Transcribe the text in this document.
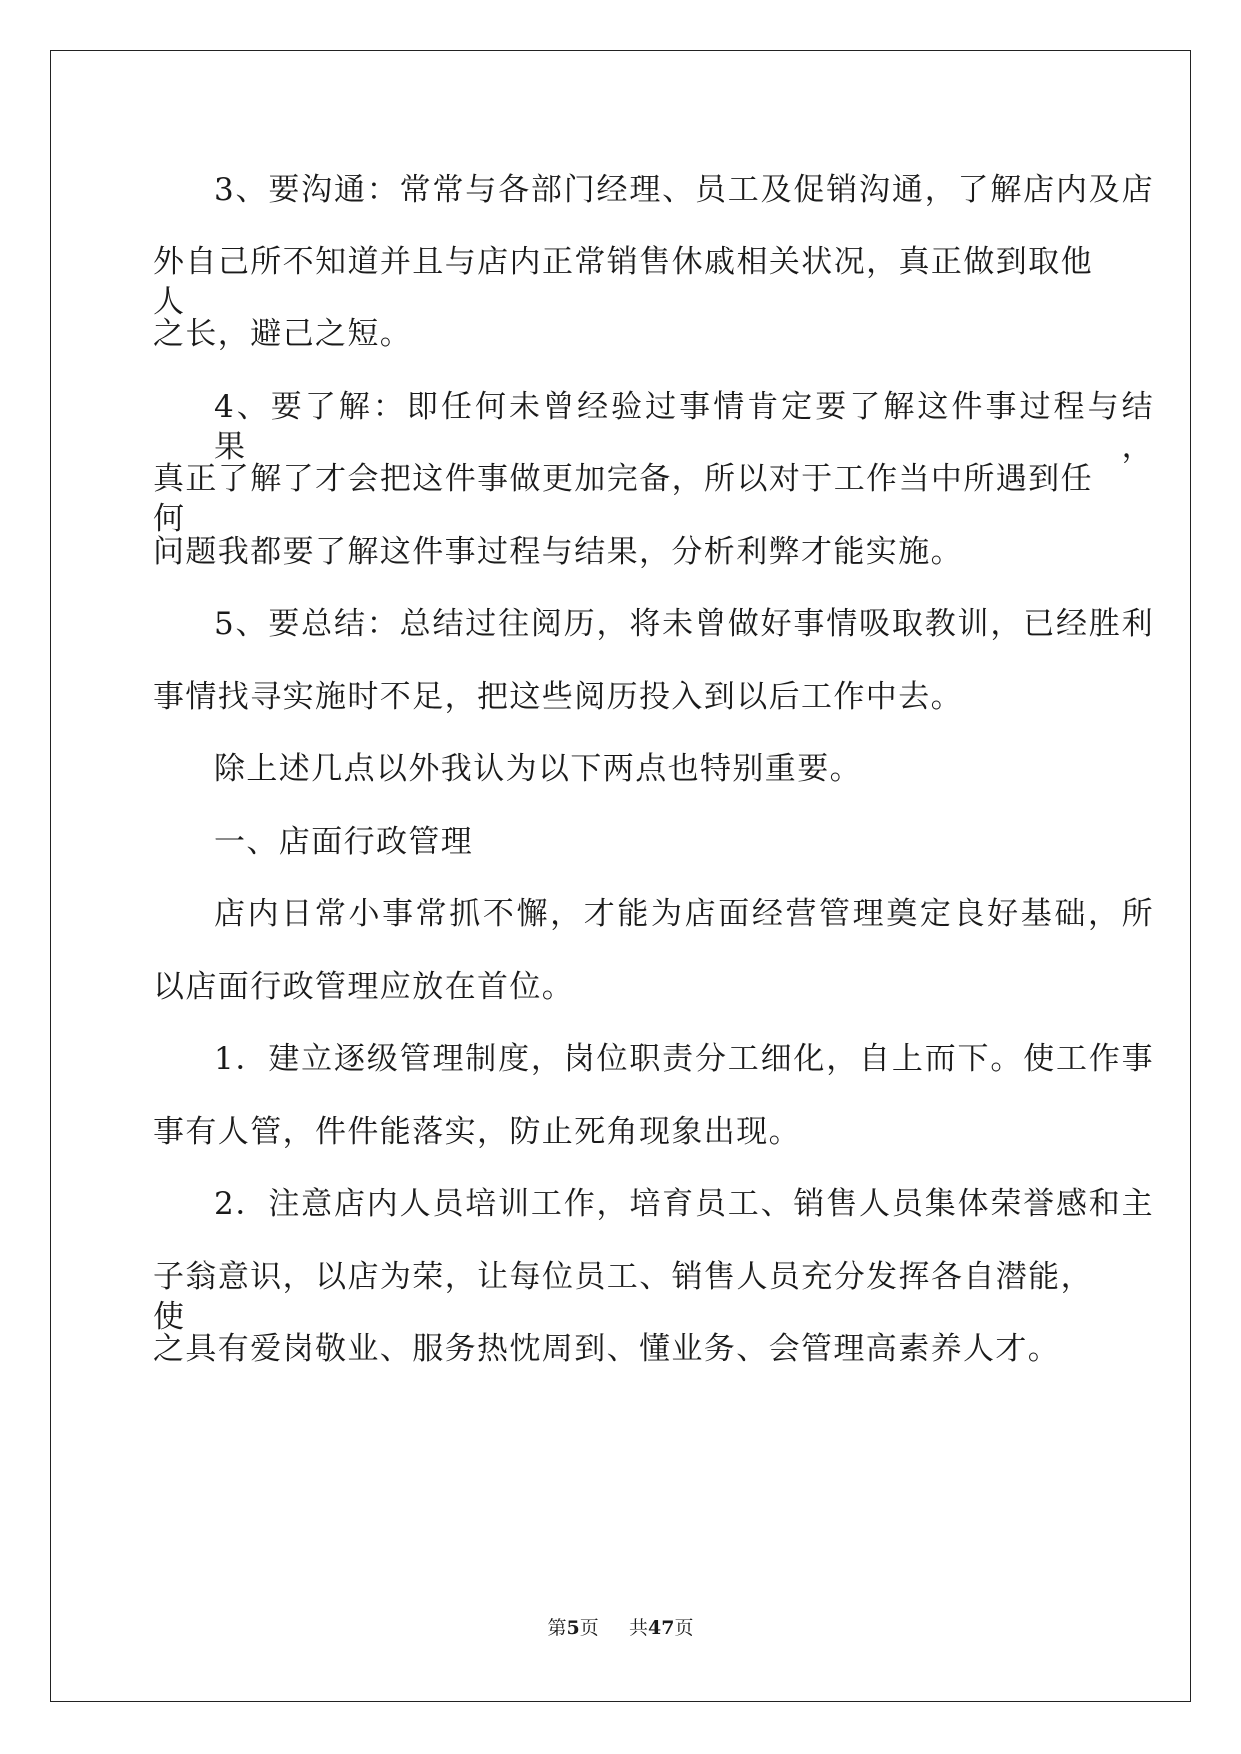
3、要沟通：常常与各部门经理、员工及促销沟通，了解店内及店
外自己所不知道并且与店内正常销售休戚相关状况，真正做到取他人
之长，避己之短。
4、要了解：即任何未曾经验过事情肯定要了解这件事过程与结果，
真正了解了才会把这件事做更加完备，所以对于工作当中所遇到任何
问题我都要了解这件事过程与结果，分析利弊才能实施。
5、要总结：总结过往阅历，将未曾做好事情吸取教训，已经胜利
事情找寻实施时不足，把这些阅历投入到以后工作中去。
除上述几点以外我认为以下两点也特别重要。
一、店面行政管理
店内日常小事常抓不懈，才能为店面经营管理奠定良好基础，所
以店面行政管理应放在首位。
1．建立逐级管理制度，岗位职责分工细化，自上而下。使工作事
事有人管，件件能落实，防止死角现象出现。
2．注意店内人员培训工作，培育员工、销售人员集体荣誉感和主
子翁意识，以店为荣，让每位员工、销售人员充分发挥各自潜能，使
之具有爱岗敬业、服务热忱周到、懂业务、会管理高素养人才。
第5页 共47页
